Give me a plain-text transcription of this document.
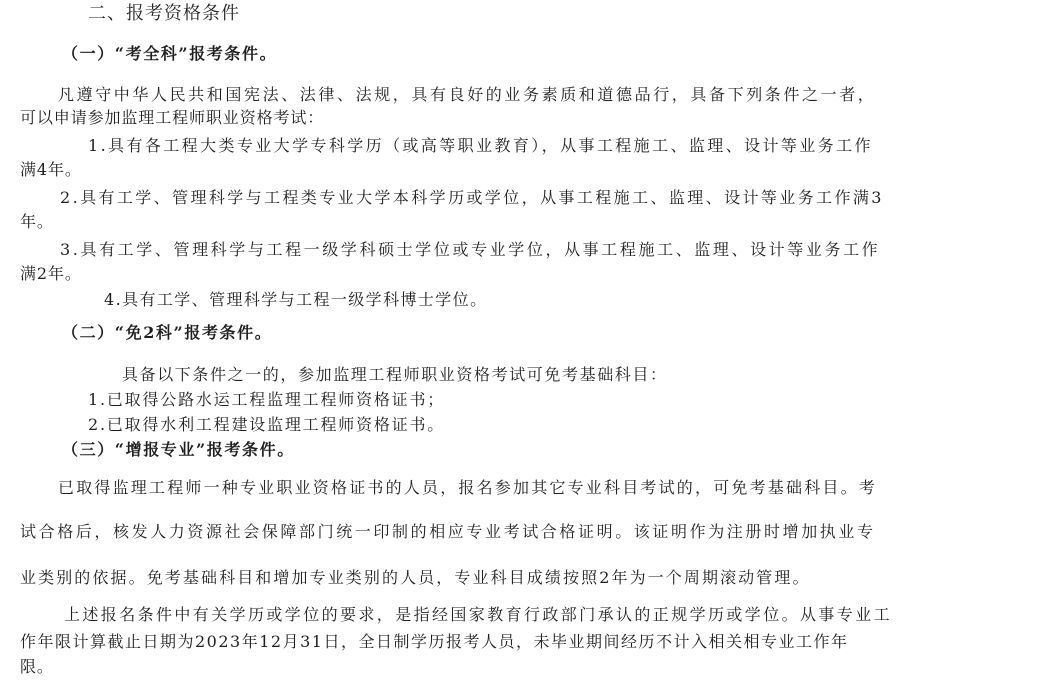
二、报考资格条件
（一）“考全科”报考条件。
凡遵守中华人民共和国宪法、法律、法规，具有良好的业务素质和道德品行，具备下列条件之一者，
可以申请参加监理工程师职业资格考试：
1.具有各工程大类专业大学专科学历（或高等职业教育），从事工程施工、监理、设计等业务工作
满4年。
2.具有工学、管理科学与工程类专业大学本科学历或学位，从事工程施工、监理、设计等业务工作满3
年。
3.具有工学、管理科学与工程一级学科硕士学位或专业学位，从事工程施工、监理、设计等业务工作
满2年。
4.具有工学、管理科学与工程一级学科博士学位。
（二）“免2科”报考条件。
具备以下条件之一的，参加监理工程师职业资格考试可免考基础科目：
1.已取得公路水运工程监理工程师资格证书；
2.已取得水利工程建设监理工程师资格证书。
（三）“增报专业”报考条件。
已取得监理工程师一种专业职业资格证书的人员，报名参加其它专业科目考试的，可免考基础科目。考
试合格后，核发人力资源社会保障部门统一印制的相应专业考试合格证明。该证明作为注册时增加执业专
业类别的依据。免考基础科目和增加专业类别的人员，专业科目成绩按照2年为一个周期滚动管理。
上述报名条件中有关学历或学位的要求，是指经国家教育行政部门承认的正规学历或学位。从事专业工
作年限计算截止日期为2023年12月31日，全日制学历报考人员，未毕业期间经历不计入相关相专业工作年
限。
